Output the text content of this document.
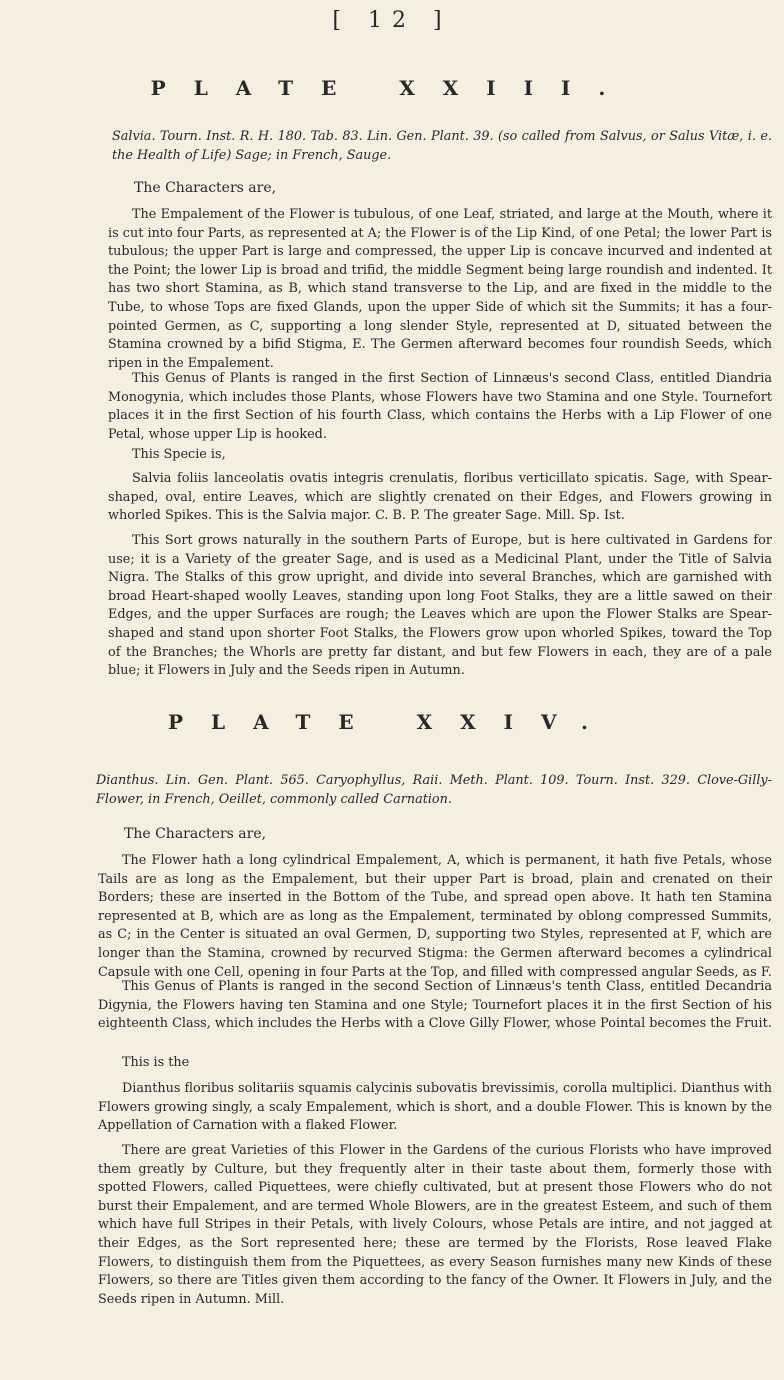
[ 12 ]
PLATE XXIII.
Salvia. Tourn. Inst. R. H. 180. Tab. 83. Lin. Gen. Plant. 39. (so called from Salvus, or Salus Vitæ, i. e. the Health of Life) Sage; in French, Sauge.
The Characters are,
The Empalement of the Flower is tubulous, of one Leaf, striated, and large at the Mouth, where it is cut into four Parts, as represented at A; the Flower is of the Lip Kind, of one Petal; the lower Part is tubulous; the upper Part is large and compressed, the upper Lip is concave incurved and indented at the Point; the lower Lip is broad and trifid, the middle Segment being large roundish and indented. It has two short Stamina, as B, which stand transverse to the Lip, and are fixed in the middle to the Tube, to whose Tops are fixed Glands, upon the upper Side of which sit the Summits; it has a four-pointed Germen, as C, supporting a long slender Style, represented at D, situated between the Stamina crowned by a bifid Stigma, E. The Germen afterward becomes four roundish Seeds, which ripen in the Empalement.
This Genus of Plants is ranged in the first Section of Linnæus's second Class, entitled Diandria Monogynia, which includes those Plants, whose Flowers have two Stamina and one Style. Tournefort places it in the first Section of his fourth Class, which contains the Herbs with a Lip Flower of one Petal, whose upper Lip is hooked.
This Specie is,
Salvia foliis lanceolatis ovatis integris crenulatis, floribus verticillato spicatis. Sage, with Spear-shaped, oval, entire Leaves, which are slightly crenated on their Edges, and Flowers growing in whorled Spikes. This is the Salvia major. C. B. P. The greater Sage. Mill. Sp. Ist.
This Sort grows naturally in the southern Parts of Europe, but is here cultivated in Gardens for use; it is a Variety of the greater Sage, and is used as a Medicinal Plant, under the Title of Salvia Nigra. The Stalks of this grow upright, and divide into several Branches, which are garnished with broad Heart-shaped woolly Leaves, standing upon long Foot Stalks, they are a little sawed on their Edges, and the upper Surfaces are rough; the Leaves which are upon the Flower Stalks are Spear-shaped and stand upon shorter Foot Stalks, the Flowers grow upon whorled Spikes, toward the Top of the Branches; the Whorls are pretty far distant, and but few Flowers in each, they are of a pale blue; it Flowers in July and the Seeds ripen in Autumn.
PLATE XXIV.
Dianthus. Lin. Gen. Plant. 565. Caryophyllus, Raii. Meth. Plant. 109. Tourn. Inst. 329. Clove-Gilly-Flower, in French, Oeillet, commonly called Carnation.
The Characters are,
The Flower hath a long cylindrical Empalement, A, which is permanent, it hath five Petals, whose Tails are as long as the Empalement, but their upper Part is broad, plain and crenated on their Borders; these are inserted in the Bottom of the Tube, and spread open above. It hath ten Stamina represented at B, which are as long as the Empalement, terminated by oblong compressed Summits, as C; in the Center is situated an oval Germen, D, supporting two Styles, represented at F, which are longer than the Stamina, crowned by recurved Stigma: the Germen afterward becomes a cylindrical Capsule with one Cell, opening in four Parts at the Top, and filled with compressed angular Seeds, as F.
This Genus of Plants is ranged in the second Section of Linnæus's tenth Class, entitled Decandria Digynia, the Flowers having ten Stamina and one Style; Tournefort places it in the first Section of his eighteenth Class, which includes the Herbs with a Clove Gilly Flower, whose Pointal becomes the Fruit.
This is the
Dianthus floribus solitariis squamis calycinis subovatis brevissimis, corolla multiplici. Dianthus with Flowers growing singly, a scaly Empalement, which is short, and a double Flower. This is known by the Appellation of Carnation with a flaked Flower.
There are great Varieties of this Flower in the Gardens of the curious Florists who have improved them greatly by Culture, but they frequently alter in their taste about them, formerly those with spotted Flowers, called Piquettees, were chiefly cultivated, but at present those Flowers who do not burst their Empalement, and are termed Whole Blowers, are in the greatest Esteem, and such of them which have full Stripes in their Petals, with lively Colours, whose Petals are intire, and not jagged at their Edges, as the Sort represented here; these are termed by the Florists, Rose leaved Flake Flowers, to distinguish them from the Piquettees, as every Season furnishes many new Kinds of these Flowers, so there are Titles given them according to the fancy of the Owner. It Flowers in July, and the Seeds ripen in Autumn. Mill.
